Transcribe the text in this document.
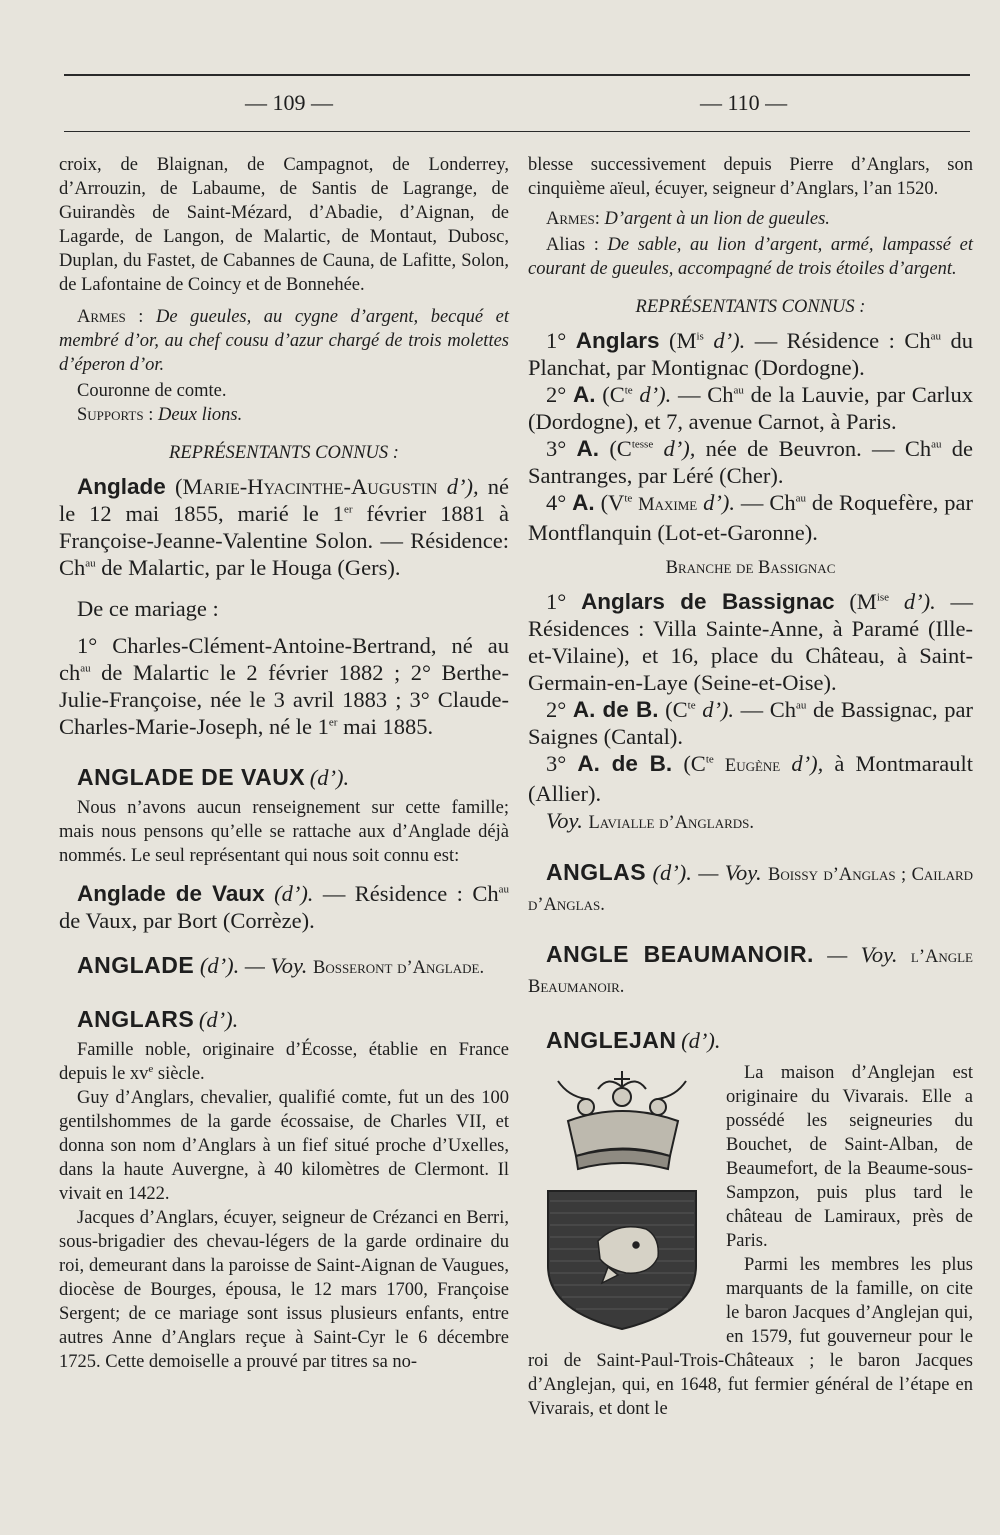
— 109 —	— 110 —

croix, de Blaignan, de Campagnot, de Londerrey, d’Arrouzin, de Labaume, de Santis de Lagrange, de Guirandès de Saint-Mézard, d’Abadie, d’Aignan, de Lagarde, de Langon, de Malartic, de Montaut, Dubosc, Duplan, du Fastet, de Cabannes de Cauna, de Lafitte, Solon, de Lafontaine de Coincy et de Bonnehée.

Armes : De gueules, au cygne d’argent, becqué et membré d’or, au chef cousu d’azur chargé de trois molettes d’éperon d’or.

Couronne de comte.

Supports : Deux lions.

REPRÉSENTANTS CONNUS :

Anglade (Marie-Hyacinthe-Augustin d’), né le 12 mai 1855, marié le 1er février 1881 à Françoise-Jeanne-Valentine Solon. — Résidence: $Ch^{au}$ de Malartic, par le Houga (Gers).

De ce mariage :

1° Charles-Clément-Antoine-Bertrand, né au $ch^{au}$ de Malartic le 2 février 1882 ; 2° Berthe-Julie-Françoise, née le 3 avril 1883 ; 3° Claude-Charles-Marie-Joseph, né le 1er mai 1885.

ANGLADE DE VAUX (d’).

Nous n’avons aucun renseignement sur cette famille; mais nous pensons qu’elle se rattache aux d’Anglade déjà nommés. Le seul représentant qui nous soit connu est:

Anglade de Vaux (d’). — Résidence : $Ch^{au}$ de Vaux, par Bort (Corrèze).

ANGLADE (d’). — Voy. Bosseront d’Anglade.

ANGLARS (d’).

Famille noble, originaire d’Écosse, établie en France depuis le $xv^e$ siècle.

Guy d’Anglars, chevalier, qualifié comte, fut un des 100 gentilshommes de la garde écossaise, de Charles VII, et donna son nom d’Anglars à un fief situé proche d’Uxelles, dans la haute Auvergne, à 40 kilomètres de Clermont. Il vivait en 1422.

Jacques d’Anglars, écuyer, seigneur de Crézanci en Berri, sous-brigadier des chevau-légers de la garde ordinaire du roi, demeurant dans la paroisse de Saint-Aignan de Vaugues, diocèse de Bourges, épousa, le 12 mars 1700, Françoise Sergent; de ce mariage sont issus plusieurs enfants, entre autres Anne d’Anglars reçue à Saint-Cyr le 6 décembre 1725. Cette demoiselle a prouvé par titres sa no-

blesse successivement depuis Pierre d’Anglars, son cinquième aïeul, écuyer, seigneur d’Anglars, l’an 1520.

Armes: D’argent à un lion de gueules.

Alias : De sable, au lion d’argent, armé, lampassé et courant de gueules, accompagné de trois étoiles d’argent.

REPRÉSENTANTS CONNUS :

1° Anglars ($M^{is}$ d’). — Résidence : $Ch^{au}$ du Planchat, par Montignac (Dordogne).

2° A. ($C^{te}$ d’). — $Ch^{au}$ de la Lauvie, par Carlux (Dordogne), et 7, avenue Carnot, à Paris.

3° A. ($C^{tesse}$ d’), née de Beuvron. — $Ch^{au}$ de Santranges, par Léré (Cher).

4° A. ($V^{te}$ Maxime d’). — $Ch^{au}$ de Roquefère, par Montflanquin (Lot-et-Garonne).

Branche de Bassignac

1° Anglars de Bassignac ($M^{ise}$ d’). — Résidences : Villa Sainte-Anne, à Paramé (Ille-et-Vilaine), et 16, place du Château, à Saint-Germain-en-Laye (Seine-et-Oise).

2° A. de B. ($C^{te}$ d’). — $Ch^{au}$ de Bassignac, par Saignes (Cantal).

3° A. de B. ($C^{te}$ Eugène d’), à Montmarault (Allier).

Voy. Lavialle d’Anglards.

ANGLAS (d’). — Voy. Boissy d’Anglas ; Cailard d’Anglas.

ANGLE BEAUMANOIR. — Voy. l’Angle Beaumanoir.

ANGLEJAN (d’).

La maison d’Anglejan est originaire du Vivarais. Elle a possédé les seigneuries du Bouchet, de Saint-Alban, de Beaumefort, de la Beaume-sous-Sampzon, puis plus tard le château de Lamiraux, près de Paris.

Parmi les membres les plus marquants de la famille, on cite le baron Jacques d’Anglejan qui, en 1579, fut gouverneur pour le roi de Saint-Paul-Trois-Châteaux ; le baron Jacques d’Anglejan, qui, en 1648, fut fermier général de l’étape en Vivarais, et dont le
